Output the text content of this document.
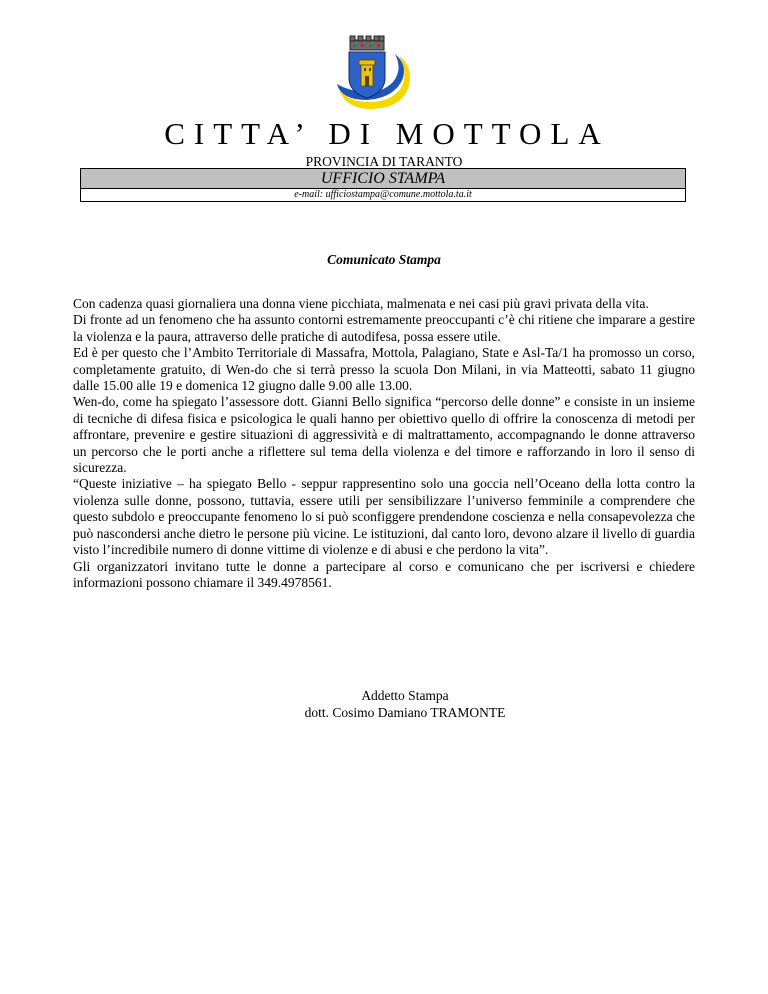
CITTA’ DI MOTTOLA
PROVINCIA DI TARANTO
UFFICIO STAMPA
e-mail: ufficiostampa@comune.mottola.ta.it
Comunicato Stampa

Con cadenza quasi giornaliera una donna viene picchiata, malmenata e nei casi più gravi privata della vita.

Di fronte ad un fenomeno che ha assunto contorni estremamente preoccupanti c’è chi ritiene che imparare a gestire la violenza e la paura, attraverso delle pratiche di autodifesa, possa essere utile.

Ed è per questo che l’Ambito Territoriale di Massafra, Mottola, Palagiano, State e Asl-Ta/1 ha promosso un corso, completamente gratuito, di Wen-do che si terrà presso la scuola Don Milani, in via Matteotti, sabato 11 giugno dalle 15.00 alle 19 e domenica 12 giugno dalle 9.00 alle 13.00.

Wen-do, come ha spiegato l’assessore dott. Gianni Bello significa “percorso delle donne” e consiste in un insieme di tecniche di difesa fisica e psicologica le quali hanno per obiettivo quello di offrire la conoscenza di metodi per affrontare, prevenire e gestire situazioni di aggressività e di maltrattamento, accompagnando le donne attraverso un percorso che le porti anche a riflettere sul tema della violenza e del timore e rafforzando in loro il senso di sicurezza.

“Queste iniziative – ha spiegato Bello - seppur rappresentino solo una goccia nell’Oceano della lotta contro la violenza sulle donne, possono, tuttavia, essere utili per sensibilizzare l’universo femminile a comprendere che questo subdolo e preoccupante fenomeno lo si può sconfiggere prendendone coscienza e nella consapevolezza che può nascondersi anche dietro le persone più vicine. Le istituzioni, dal canto loro, devono alzare il livello di guardia visto l’incredibile numero di donne vittime di violenze e di abusi e che perdono la vita”.

Gli organizzatori invitano tutte le donne a partecipare al corso e comunicano che per iscriversi e chiedere informazioni possono chiamare il 349.4978561.

Addetto Stampa
dott. Cosimo Damiano TRAMONTE
